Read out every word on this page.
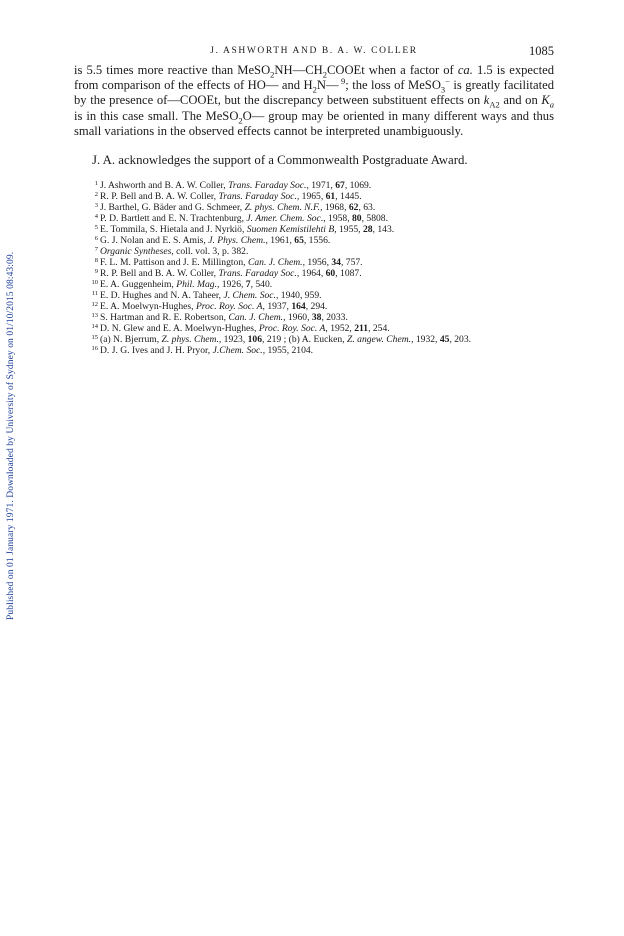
Published on 01 January 1971. Downloaded by University of Sydney on 01/10/2015 08:43:09.
J. ASHWORTH AND B. A. W. COLLER	1085

is 5.5 times more reactive than $MeSO_2NH—CH_2COOEt$ when a factor of ca. 1.5 is expected from comparison of the effects of HO— and $H_2N—$ $^9$; the loss of MeSO$_3$− is greatly facilitated by the presence of—COOEt, but the discrepancy between substituent effects on $k_{A2}$ and on $K_a$ is in this case small. The MeSO$_2$O— group may be oriented in many different ways and thus small variations in the observed effects cannot be interpreted unambiguously.

J. A. acknowledges the support of a Commonwealth Postgraduate Award.

1 J. Ashworth and B. A. W. Coller, Trans. Faraday Soc., 1971, 67, 1069.
2 R. P. Bell and B. A. W. Coller, Trans. Faraday Soc., 1965, 61, 1445.
3 J. Barthel, G. Bäder and G. Schmeer, Z. phys. Chem. N.F., 1968, 62, 63.
4 P. D. Bartlett and E. N. Trachtenburg, J. Amer. Chem. Soc., 1958, 80, 5808.
5 E. Tommila, S. Hietala and J. Nyrkiö, Suomen Kemistilehti B, 1955, 28, 143.
6 G. J. Nolan and E. S. Amis, J. Phys. Chem., 1961, 65, 1556.
7 Organic Syntheses, coll. vol. 3, p. 382.
8 F. L. M. Pattison and J. E. Millington, Can. J. Chem., 1956, 34, 757.
9 R. P. Bell and B. A. W. Coller, Trans. Faraday Soc., 1964, 60, 1087.
10 E. A. Guggenheim, Phil. Mag., 1926, 7, 540.
11 E. D. Hughes and N. A. Taheer, J. Chem. Soc., 1940, 959.
12 E. A. Moelwyn-Hughes, Proc. Roy. Soc. A, 1937, 164, 294.
13 S. Hartman and R. E. Robertson, Can. J. Chem., 1960, 38, 2033.
14 D. N. Glew and E. A. Moelwyn-Hughes, Proc. Roy. Soc. A, 1952, 211, 254.
15 (a) N. Bjerrum, Z. phys. Chem., 1923, 106, 219 ; (b) A. Eucken, Z. angew. Chem., 1932, 45, 203.
16 D. J. G. Ives and J. H. Pryor, J.Chem. Soc., 1955, 2104.
